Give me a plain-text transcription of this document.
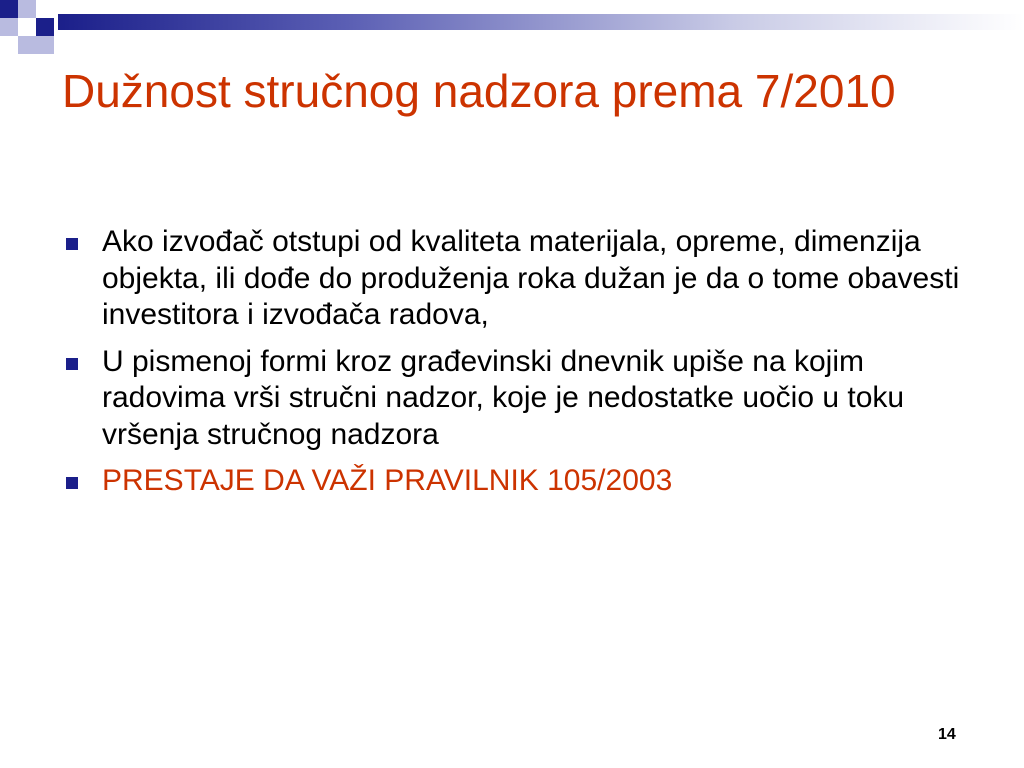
Dužnost stručnog nadzora prema 7/2010
Ako izvođač otstupi od kvaliteta materijala, opreme, dimenzija objekta, ili dođe do produženja roka dužan je da o tome obavesti investitora i izvođača radova,
U pismenoj formi kroz građevinski dnevnik upiše na kojim radovima vrši stručni nadzor, koje je nedostatke uočio u toku vršenja stručnog nadzora
PRESTAJE DA VAŽI PRAVILNIK 105/2003
14
